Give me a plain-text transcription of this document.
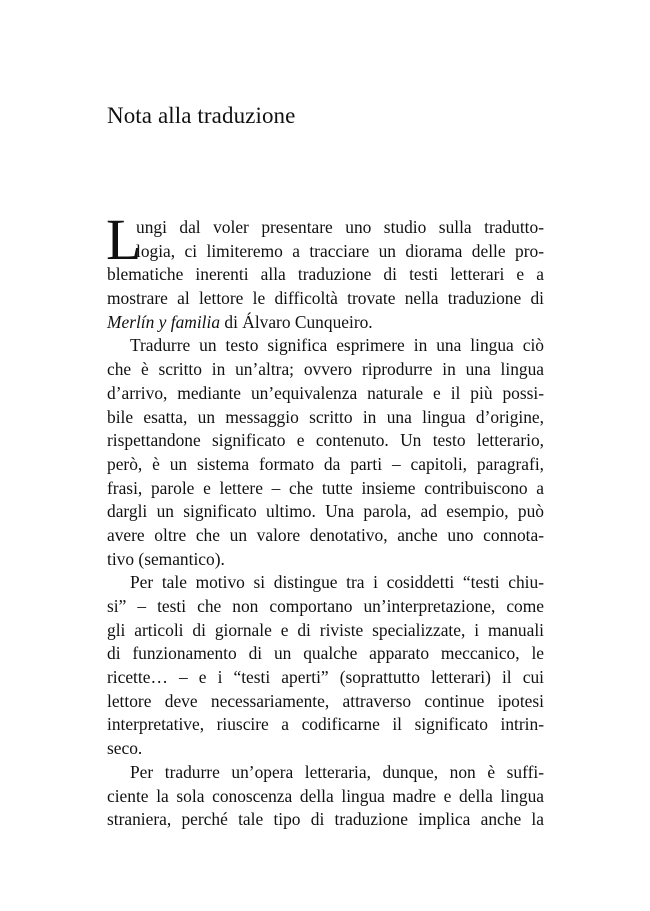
Nota alla traduzione
L
ungi dal voler presentare uno studio sulla tradutto-
logia, ci limiteremo a tracciare un diorama delle pro-
blematiche inerenti alla traduzione di testi letterari e a
mostrare al lettore le difficoltà trovate nella traduzione di
Merlín y familia di Álvaro Cunqueiro.
Tradurre un testo significa esprimere in una lingua ciò
che è scritto in un’altra; ovvero riprodurre in una lingua
d’arrivo, mediante un’equivalenza naturale e il più possi-
bile esatta, un messaggio scritto in una lingua d’origine,
rispettandone significato e contenuto. Un testo letterario,
però, è un sistema formato da parti – capitoli, paragrafi,
frasi, parole e lettere – che tutte insieme contribuiscono a
dargli un significato ultimo. Una parola, ad esempio, può
avere oltre che un valore denotativo, anche uno connota-
tivo (semantico).
Per tale motivo si distingue tra i cosiddetti “testi chiu-
si” – testi che non comportano un’interpretazione, come
gli articoli di giornale e di riviste specializzate, i manuali
di funzionamento di un qualche apparato meccanico, le
ricette… – e i “testi aperti” (soprattutto letterari) il cui
lettore deve necessariamente, attraverso continue ipotesi
interpretative, riuscire a codificarne il significato intrin-
seco.
Per tradurre un’opera letteraria, dunque, non è suffi-
ciente la sola conoscenza della lingua madre e della lingua
straniera, perché tale tipo di traduzione implica anche la
